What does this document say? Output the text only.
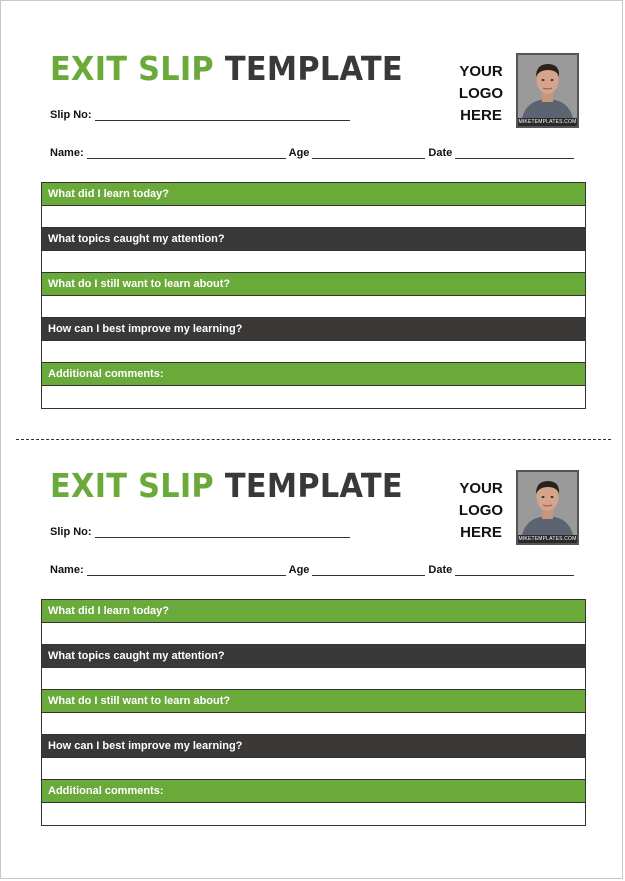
EXIT SLIP TEMPLATE	YOUR
LOGO
HERE	MIKETEMPLATES.COM
Slip No:
Name:	Age	Date
What did I learn today?
What topics caught my attention?
What do I still want to learn about?
How can I best improve my learning?
Additional comments:
EXIT SLIP TEMPLATE	YOUR
LOGO
HERE	MIKETEMPLATES.COM
Slip No:
Name:	Age	Date
What did I learn today?
What topics caught my attention?
What do I still want to learn about?
How can I best improve my learning?
Additional comments:
